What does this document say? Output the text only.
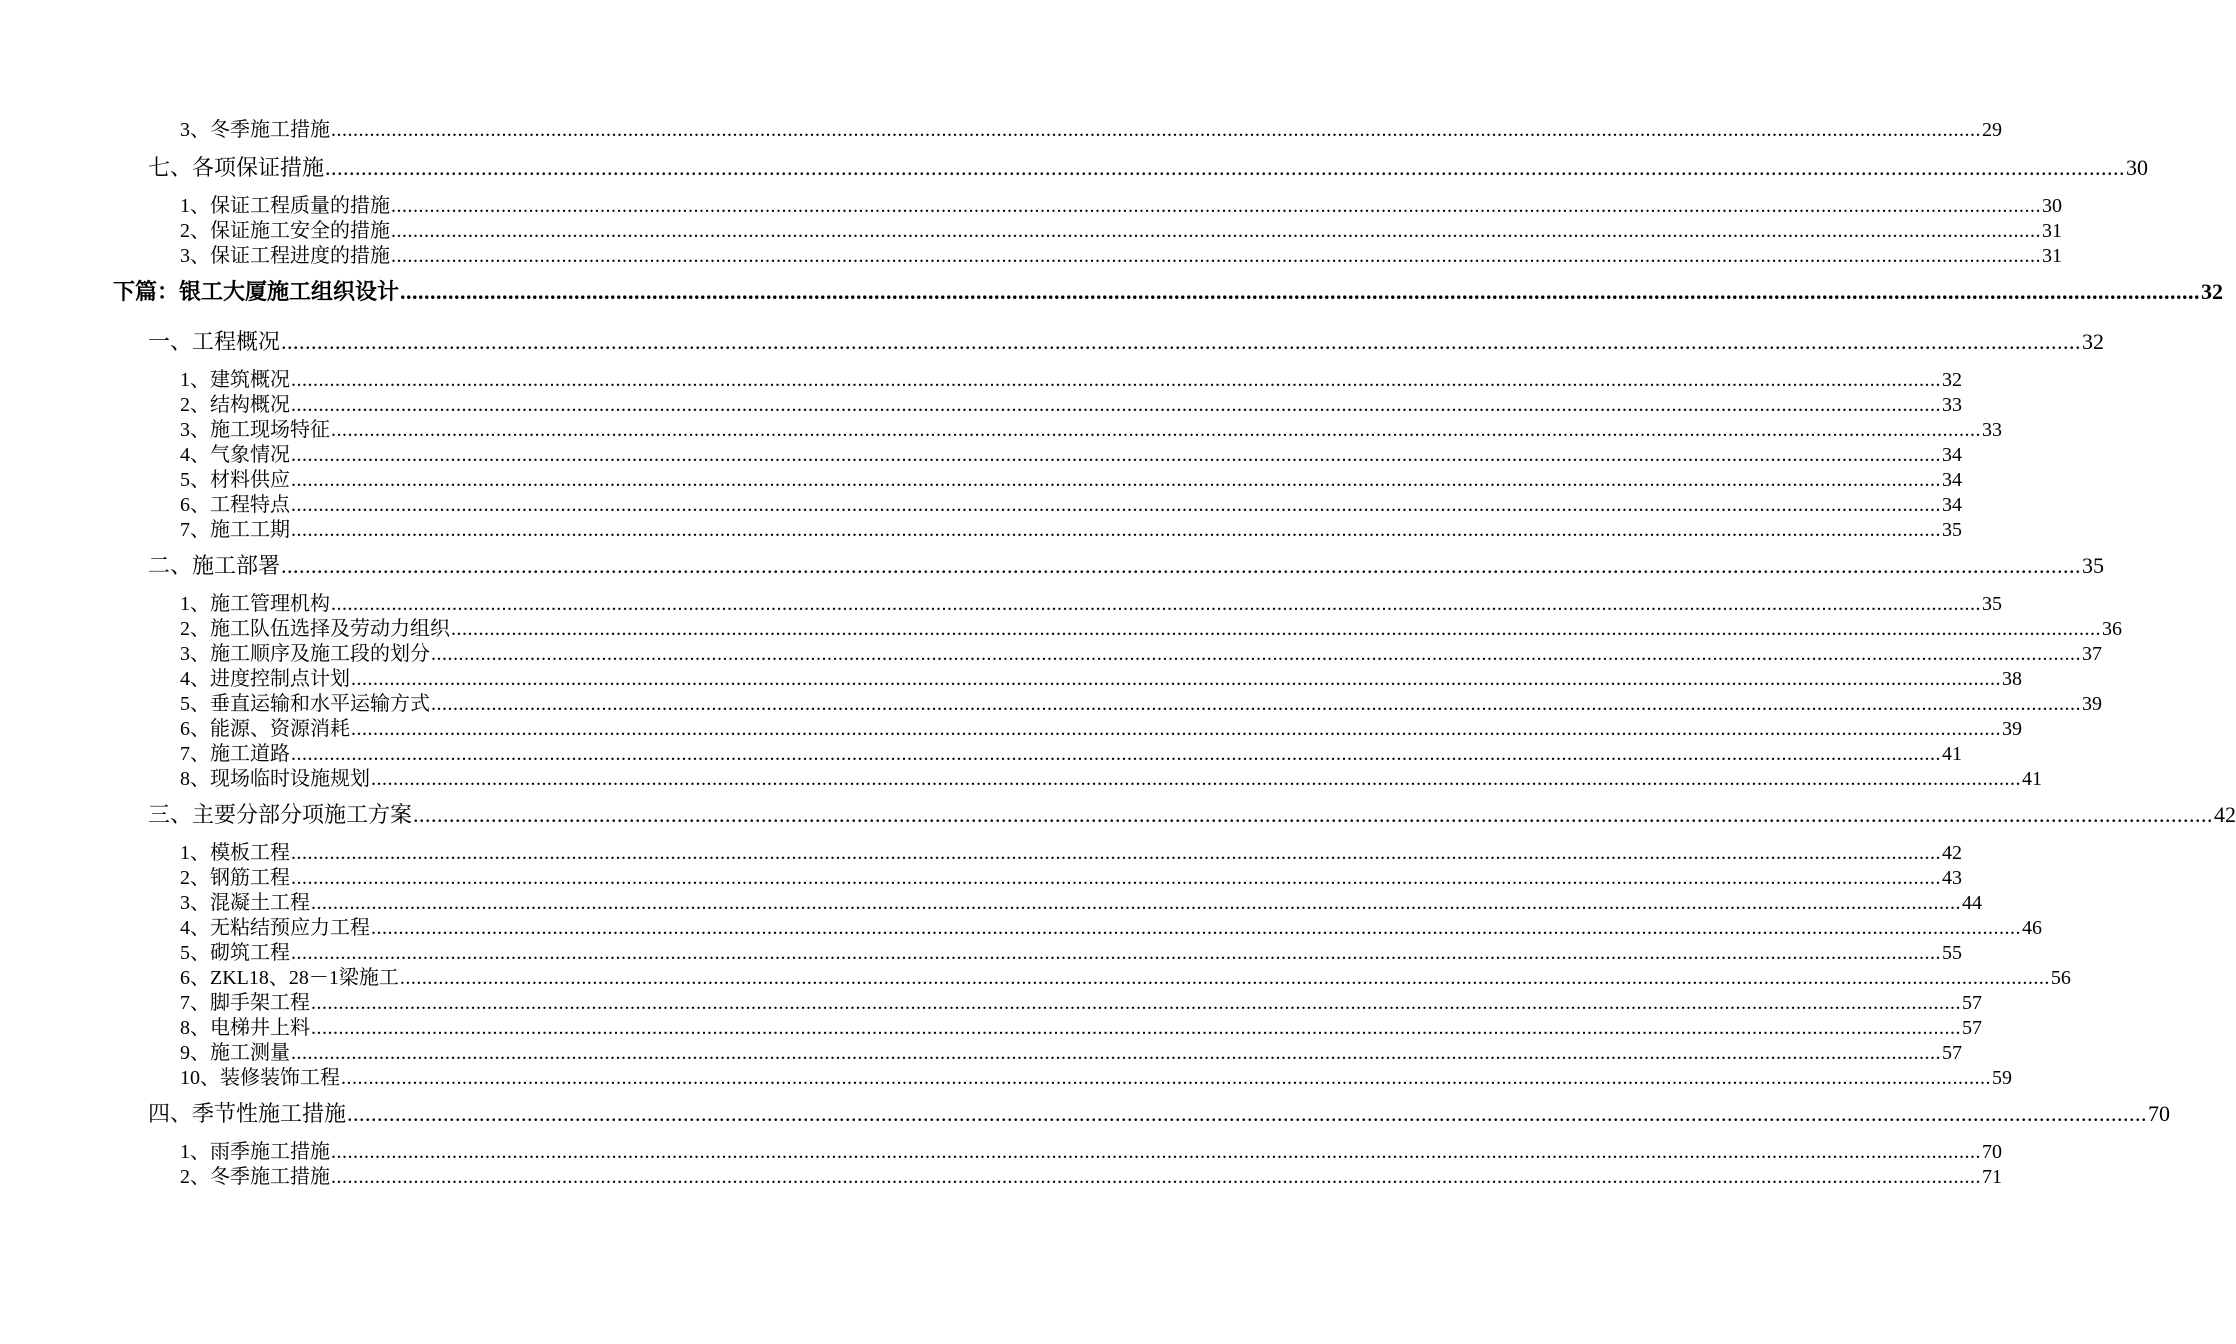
3、冬季施工措施 ............................................................................................................................................................................................................................................................................................................ 29
七、各项保证措施 ............................................................................................................................................................................................................................................................................................................ 30
1、保证工程质量的措施 ............................................................................................................................................................................................................................................................................................................ 30
2、保证施工安全的措施 ............................................................................................................................................................................................................................................................................................................ 31
3、保证工程进度的措施 ............................................................................................................................................................................................................................................................................................................ 31
下篇：银工大厦施工组织设计 ............................................................................................................................................................................................................................................................................................................ 32
一、工程概况 ............................................................................................................................................................................................................................................................................................................ 32
1、建筑概况 ............................................................................................................................................................................................................................................................................................................ 32
2、结构概况 ............................................................................................................................................................................................................................................................................................................ 33
3、施工现场特征 ............................................................................................................................................................................................................................................................................................................ 33
4、气象情况 ............................................................................................................................................................................................................................................................................................................ 34
5、材料供应 ............................................................................................................................................................................................................................................................................................................ 34
6、工程特点 ............................................................................................................................................................................................................................................................................................................ 34
7、施工工期 ............................................................................................................................................................................................................................................................................................................ 35
二、施工部署 ............................................................................................................................................................................................................................................................................................................ 35
1、施工管理机构 ............................................................................................................................................................................................................................................................................................................ 35
2、施工队伍选择及劳动力组织 ............................................................................................................................................................................................................................................................................................................ 36
3、施工顺序及施工段的划分 ............................................................................................................................................................................................................................................................................................................ 37
4、进度控制点计划 ............................................................................................................................................................................................................................................................................................................ 38
5、垂直运输和水平运输方式 ............................................................................................................................................................................................................................................................................................................ 39
6、能源、资源消耗 ............................................................................................................................................................................................................................................................................................................ 39
7、施工道路 ............................................................................................................................................................................................................................................................................................................ 41
8、现场临时设施规划 ............................................................................................................................................................................................................................................................................................................ 41
三、主要分部分项施工方案 ............................................................................................................................................................................................................................................................................................................ 42
1、模板工程 ............................................................................................................................................................................................................................................................................................................ 42
2、钢筋工程 ............................................................................................................................................................................................................................................................................................................ 43
3、混凝土工程 ............................................................................................................................................................................................................................................................................................................ 44
4、无粘结预应力工程 ............................................................................................................................................................................................................................................................................................................ 46
5、砌筑工程 ............................................................................................................................................................................................................................................................................................................ 55
6、ZKL18、28－1梁施工 ............................................................................................................................................................................................................................................................................................................ 56
7、脚手架工程 ............................................................................................................................................................................................................................................................................................................ 57
8、电梯井上料 ............................................................................................................................................................................................................................................................................................................ 57
9、施工测量 ............................................................................................................................................................................................................................................................................................................ 57
10、装修装饰工程 ............................................................................................................................................................................................................................................................................................................ 59
四、季节性施工措施 ............................................................................................................................................................................................................................................................................................................ 70
1、雨季施工措施 ............................................................................................................................................................................................................................................................................................................ 70
2、冬季施工措施 ............................................................................................................................................................................................................................................................................................................ 71
